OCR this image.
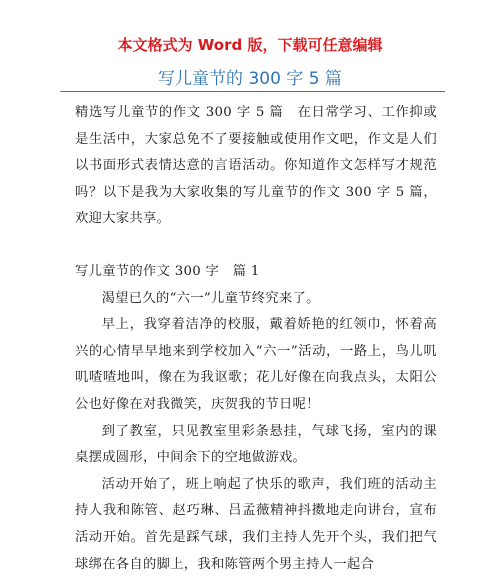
本文格式为 Word 版，下载可任意编辑
写儿童节的 300 字 5 篇

精选写儿童节的作文 300 字 5 篇　在日常学习、工作抑或是生活中，大家总免不了要接触或使用作文吧，作文是人们以书面形式表情达意的言语活动。你知道作文怎样写才规范吗？以下是我为大家收集的写儿童节的作文 300 字 5 篇，欢迎大家共享。

写儿童节的作文 300 字　篇 1

渴望已久的“六一”儿童节终究来了。

早上，我穿着洁净的校服，戴着娇艳的红领巾，怀着高兴的心情早早地来到学校加入“六一”活动，一路上，鸟儿叽叽喳喳地叫，像在为我讴歌；花儿好像在向我点头，太阳公公也好像在对我微笑，庆贺我的节日呢！

到了教室，只见教室里彩条悬挂，气球飞扬，室内的课桌摆成圆形，中间余下的空地做游戏。

活动开始了，班上响起了快乐的歌声，我们班的活动主持人我和陈管、赵巧琳、吕孟薇精神抖擞地走向讲台，宣布活动开始。首先是踩气球，我们主持人先开个头，我们把气球绑在各自的脚上，我和陈管两个男主持人一起合
